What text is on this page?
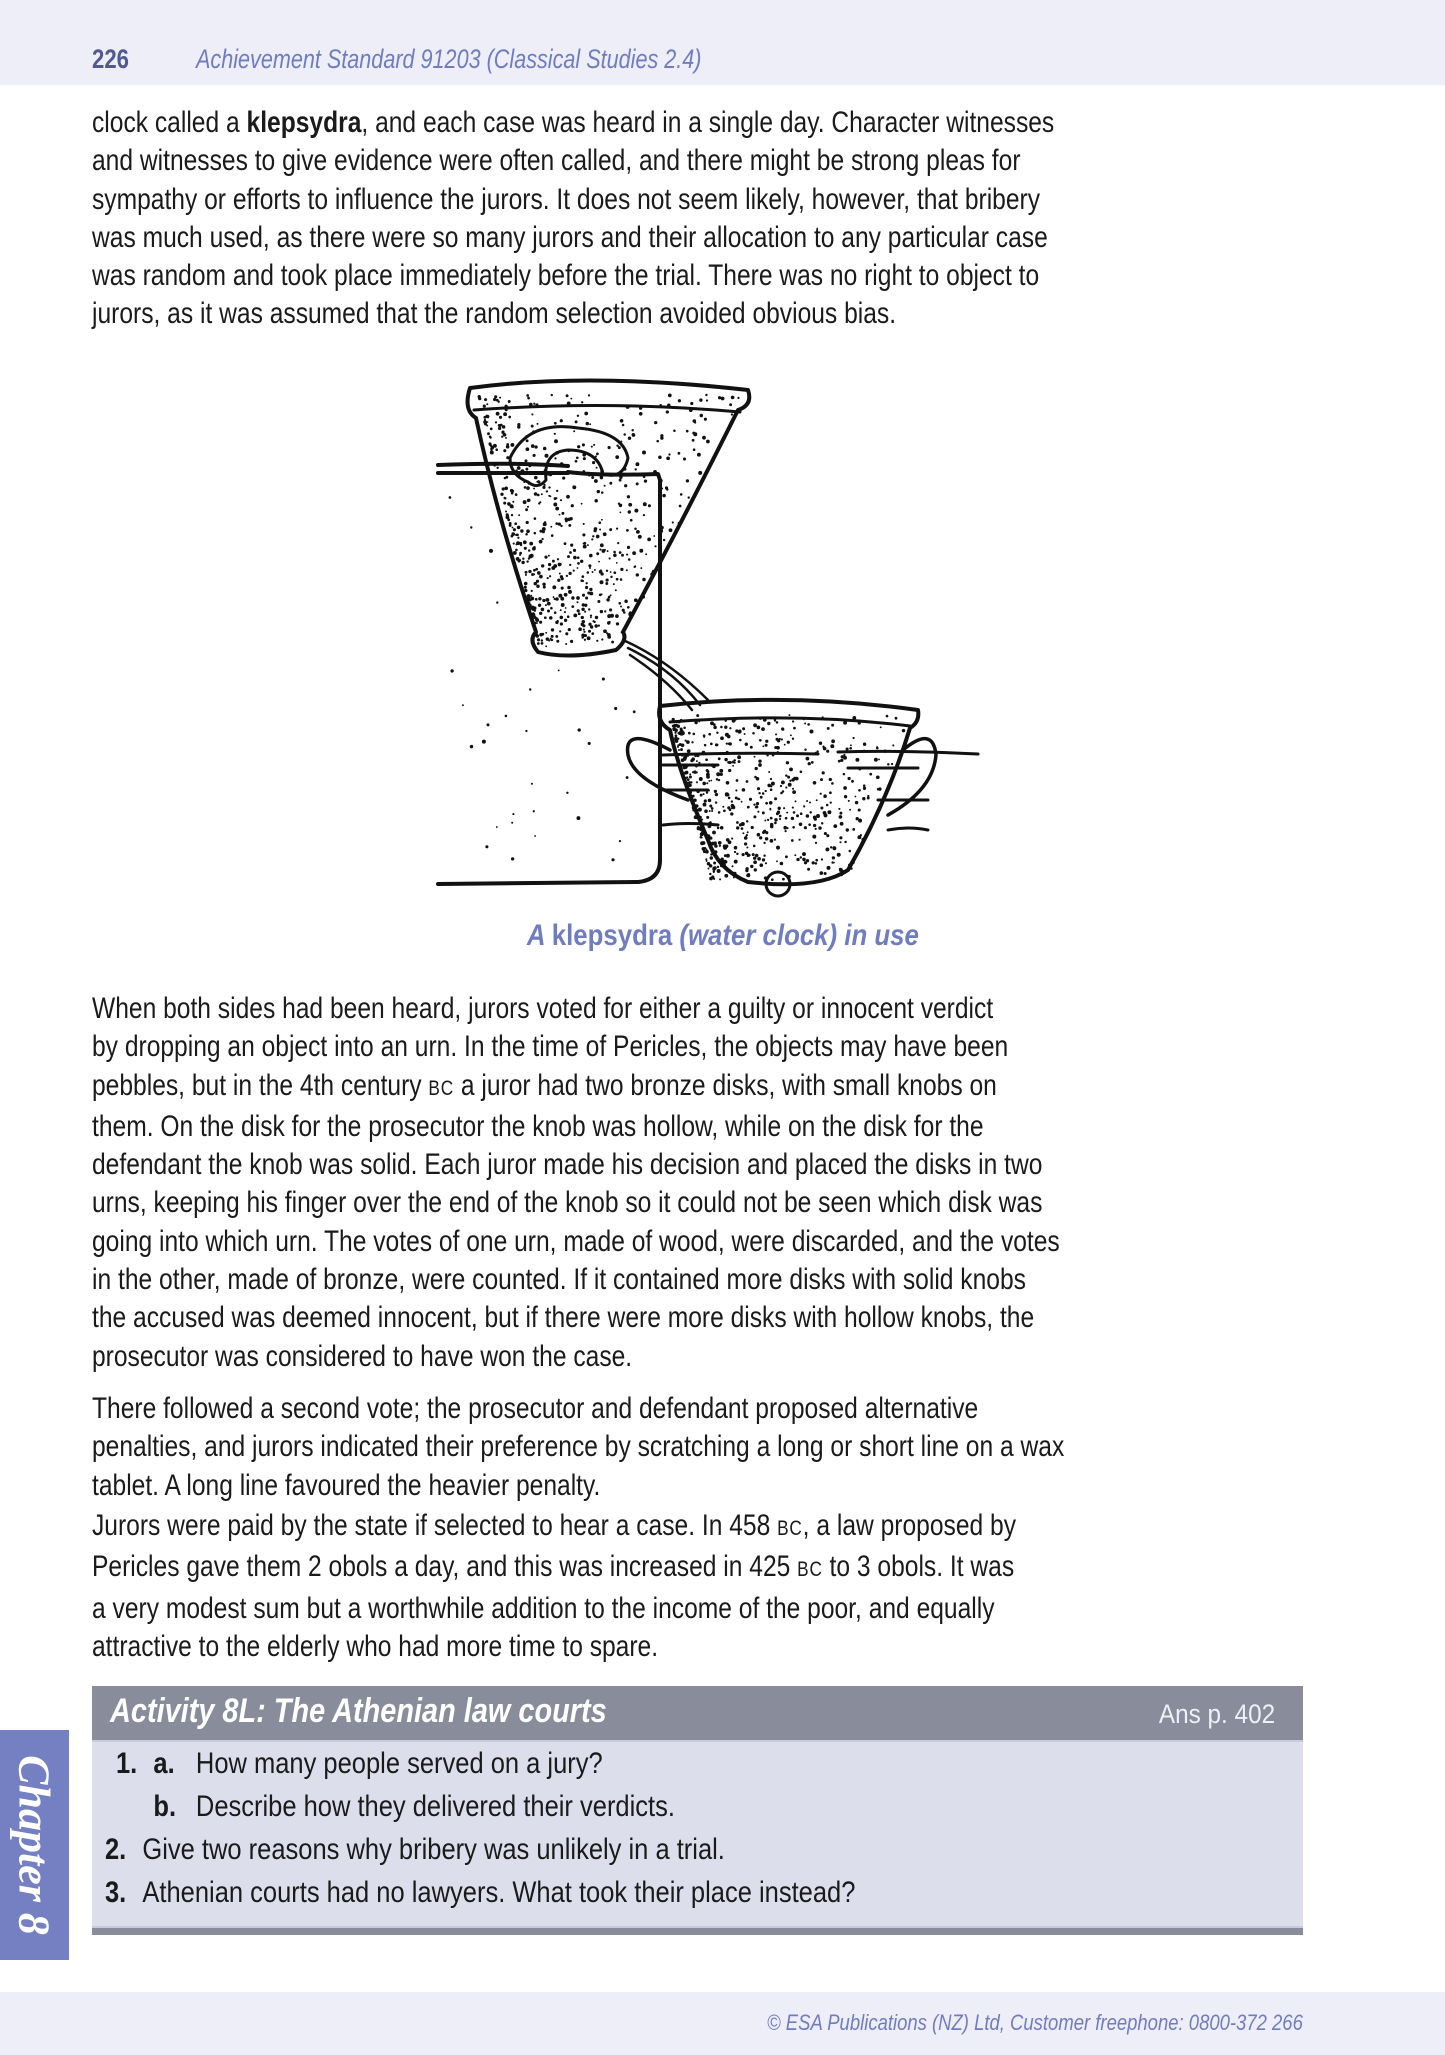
226 Achievement Standard 91203 (Classical Studies 2.4)

clock called a klepsydra, and each case was heard in a single day. Character witnesses
and witnesses to give evidence were often called, and there might be strong pleas for
sympathy or efforts to influence the jurors. It does not seem likely, however, that bribery
was much used, as there were so many jurors and their allocation to any particular case
was random and took place immediately before the trial. There was no right to object to
jurors, as it was assumed that the random selection avoided obvious bias.

A klepsydra (water clock) in use

When both sides had been heard, jurors voted for either a guilty or innocent verdict
by dropping an object into an urn. In the time of Pericles, the objects may have been
pebbles, but in the 4th century BC a juror had two bronze disks, with small knobs on
them. On the disk for the prosecutor the knob was hollow, while on the disk for the
defendant the knob was solid. Each juror made his decision and placed the disks in two
urns, keeping his finger over the end of the knob so it could not be seen which disk was
going into which urn. The votes of one urn, made of wood, were discarded, and the votes
in the other, made of bronze, were counted. If it contained more disks with solid knobs
the accused was deemed innocent, but if there were more disks with hollow knobs, the
prosecutor was considered to have won the case.

There followed a second vote; the prosecutor and defendant proposed alternative
penalties, and jurors indicated their preference by scratching a long or short line on a wax
tablet. A long line favoured the heavier penalty.

Jurors were paid by the state if selected to hear a case. In 458 BC, a law proposed by
Pericles gave them 2 obols a day, and this was increased in 425 BC to 3 obols. It was
a very modest sum but a worthwhile addition to the income of the poor, and equally
attractive to the elderly who had more time to spare.

Activity 8L: The Athenian law courts	Ans p. 402
1. a. How many people served on a jury?
b. Describe how they delivered their verdicts.
2. Give two reasons why bribery was unlikely in a trial.
3. Athenian courts had no lawyers. What took their place instead?
Chapter 8
© ESA Publications (NZ) Ltd, Customer freephone: 0800-372 266
